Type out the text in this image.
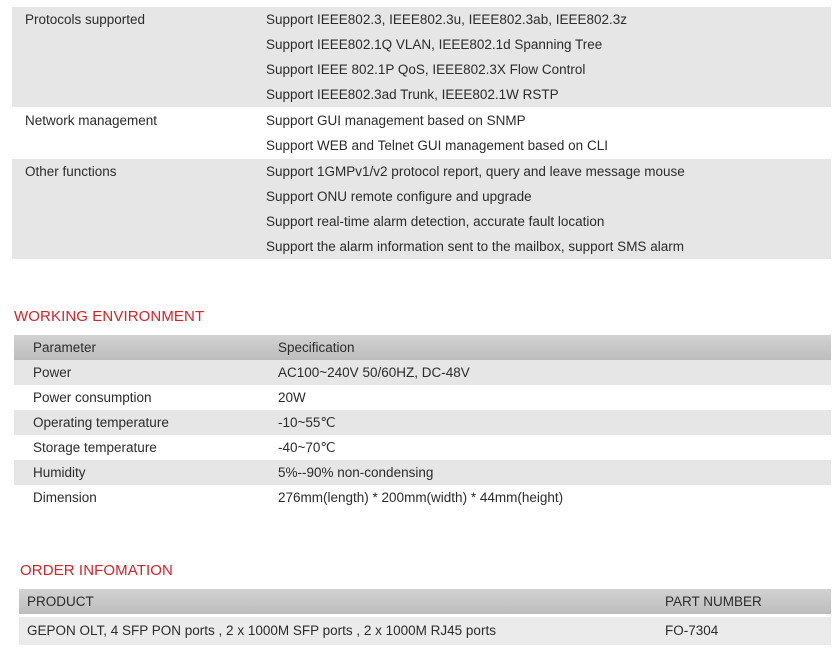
Protocols supported	Support IEEE802.3, IEEE802.3u, IEEE802.3ab, IEEE802.3z
Support IEEE802.1Q VLAN, IEEE802.1d Spanning Tree
Support IEEE 802.1P QoS, IEEE802.3X Flow Control
Support IEEE802.3ad Trunk, IEEE802.1W RSTP
Network management	Support GUI management based on SNMP
Support WEB and Telnet GUI management based on CLI
Other functions	Support 1GMPv1/v2 protocol report, query and leave message mouse
Support ONU remote configure and upgrade
Support real-time alarm detection, accurate fault location
Support the alarm information sent to the mailbox, support SMS alarm
WORKING ENVIRONMENT
Parameter	Specification
Power	AC100~240V 50/60HZ, DC-48V
Power consumption	20W
Operating temperature	-10~55℃
Storage temperature	-40~70℃
Humidity	5%--90% non-condensing
Dimension	276mm(length) * 200mm(width) * 44mm(height)
ORDER INFOMATION
PRODUCT	PART NUMBER
GEPON OLT, 4 SFP PON ports , 2 x 1000M SFP ports , 2 x 1000M RJ45 ports	FO-7304
